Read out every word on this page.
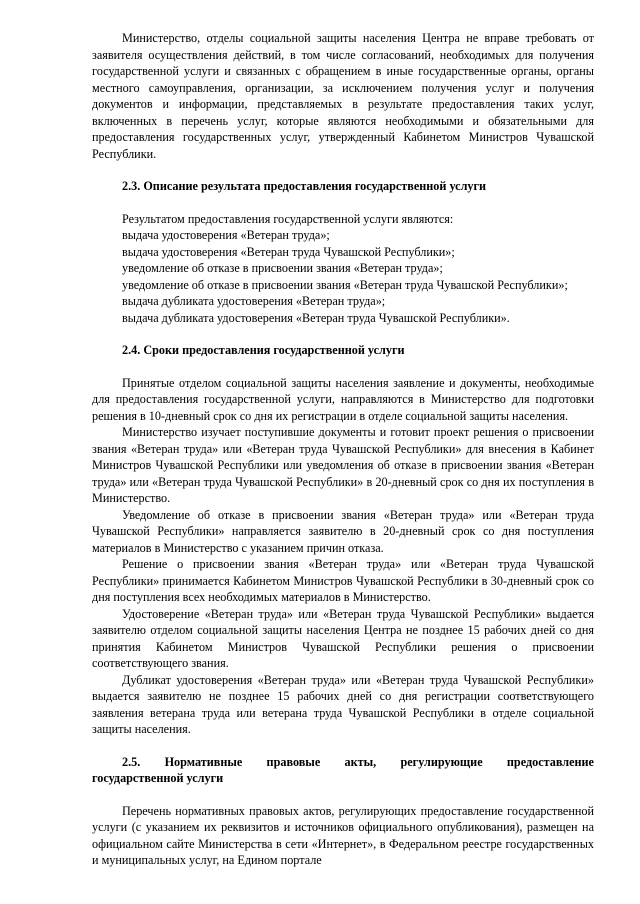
Министерство, отделы социальной защиты населения Центра не вправе требовать от заявителя осуществления действий, в том числе согласований, необходимых для получения государственной услуги и связанных с обращением в иные государственные органы, органы местного самоуправления, организации, за исключением получения услуг и получения документов и информации, представляемых в результате предоставления таких услуг, включенных в перечень услуг, которые являются необходимыми и обязательными для предоставления государственных услуг, утвержденный Кабинетом Министров Чувашской Республики.

2.3. Описание результата предоставления государственной услуги

Результатом предоставления государственной услуги являются:

выдача удостоверения «Ветеран труда»;

выдача удостоверения «Ветеран труда Чувашской Республики»;

уведомление об отказе в присвоении звания «Ветеран труда»;

уведомление об отказе в присвоении звания «Ветеран труда Чувашской Республики»;

выдача дубликата удостоверения «Ветеран труда»;

выдача дубликата удостоверения «Ветеран труда Чувашской Республики».

2.4. Сроки предоставления государственной услуги

Принятые отделом социальной защиты населения заявление и документы, необходимые для предоставления государственной услуги, направляются в Министерство для подготовки решения в 10-дневный срок со дня их регистрации в отделе социальной защиты населения.

Министерство изучает поступившие документы и готовит проект решения о присвоении звания «Ветеран труда» или «Ветеран труда Чувашской Республики» для внесения в Кабинет Министров Чувашской Республики или уведомления об отказе в присвоении звания «Ветеран труда» или «Ветеран труда Чувашской Республики» в 20-дневный срок со дня их поступления в Министерство.

Уведомление об отказе в присвоении звания «Ветеран труда» или «Ветеран труда Чувашской Республики» направляется заявителю в 20-дневный срок со дня поступления материалов в Министерство с указанием причин отказа.

Решение о присвоении звания «Ветеран труда» или «Ветеран труда Чувашской Республики» принимается Кабинетом Министров Чувашской Республики в 30-дневный срок со дня поступления всех необходимых материалов в Министерство.

Удостоверение «Ветеран труда» или «Ветеран труда Чувашской Республики» выдается заявителю отделом социальной защиты населения Центра не позднее 15 рабочих дней со дня принятия Кабинетом Министров Чувашской Республики решения о присвоении соответствующего звания.

Дубликат удостоверения «Ветеран труда» или «Ветеран труда Чувашской Республики» выдается заявителю не позднее 15 рабочих дней со дня регистрации соответствующего заявления ветерана труда или ветерана труда Чувашской Республики в отделе социальной защиты населения.

2.5. Нормативные правовые акты, регулирующие предоставление
государственной услуги

Перечень нормативных правовых актов, регулирующих предоставление государственной услуги (с указанием их реквизитов и источников официального опубликования), размещен на официальном сайте Министерства в сети «Интернет», в Федеральном реестре государственных и муниципальных услуг, на Едином портале
